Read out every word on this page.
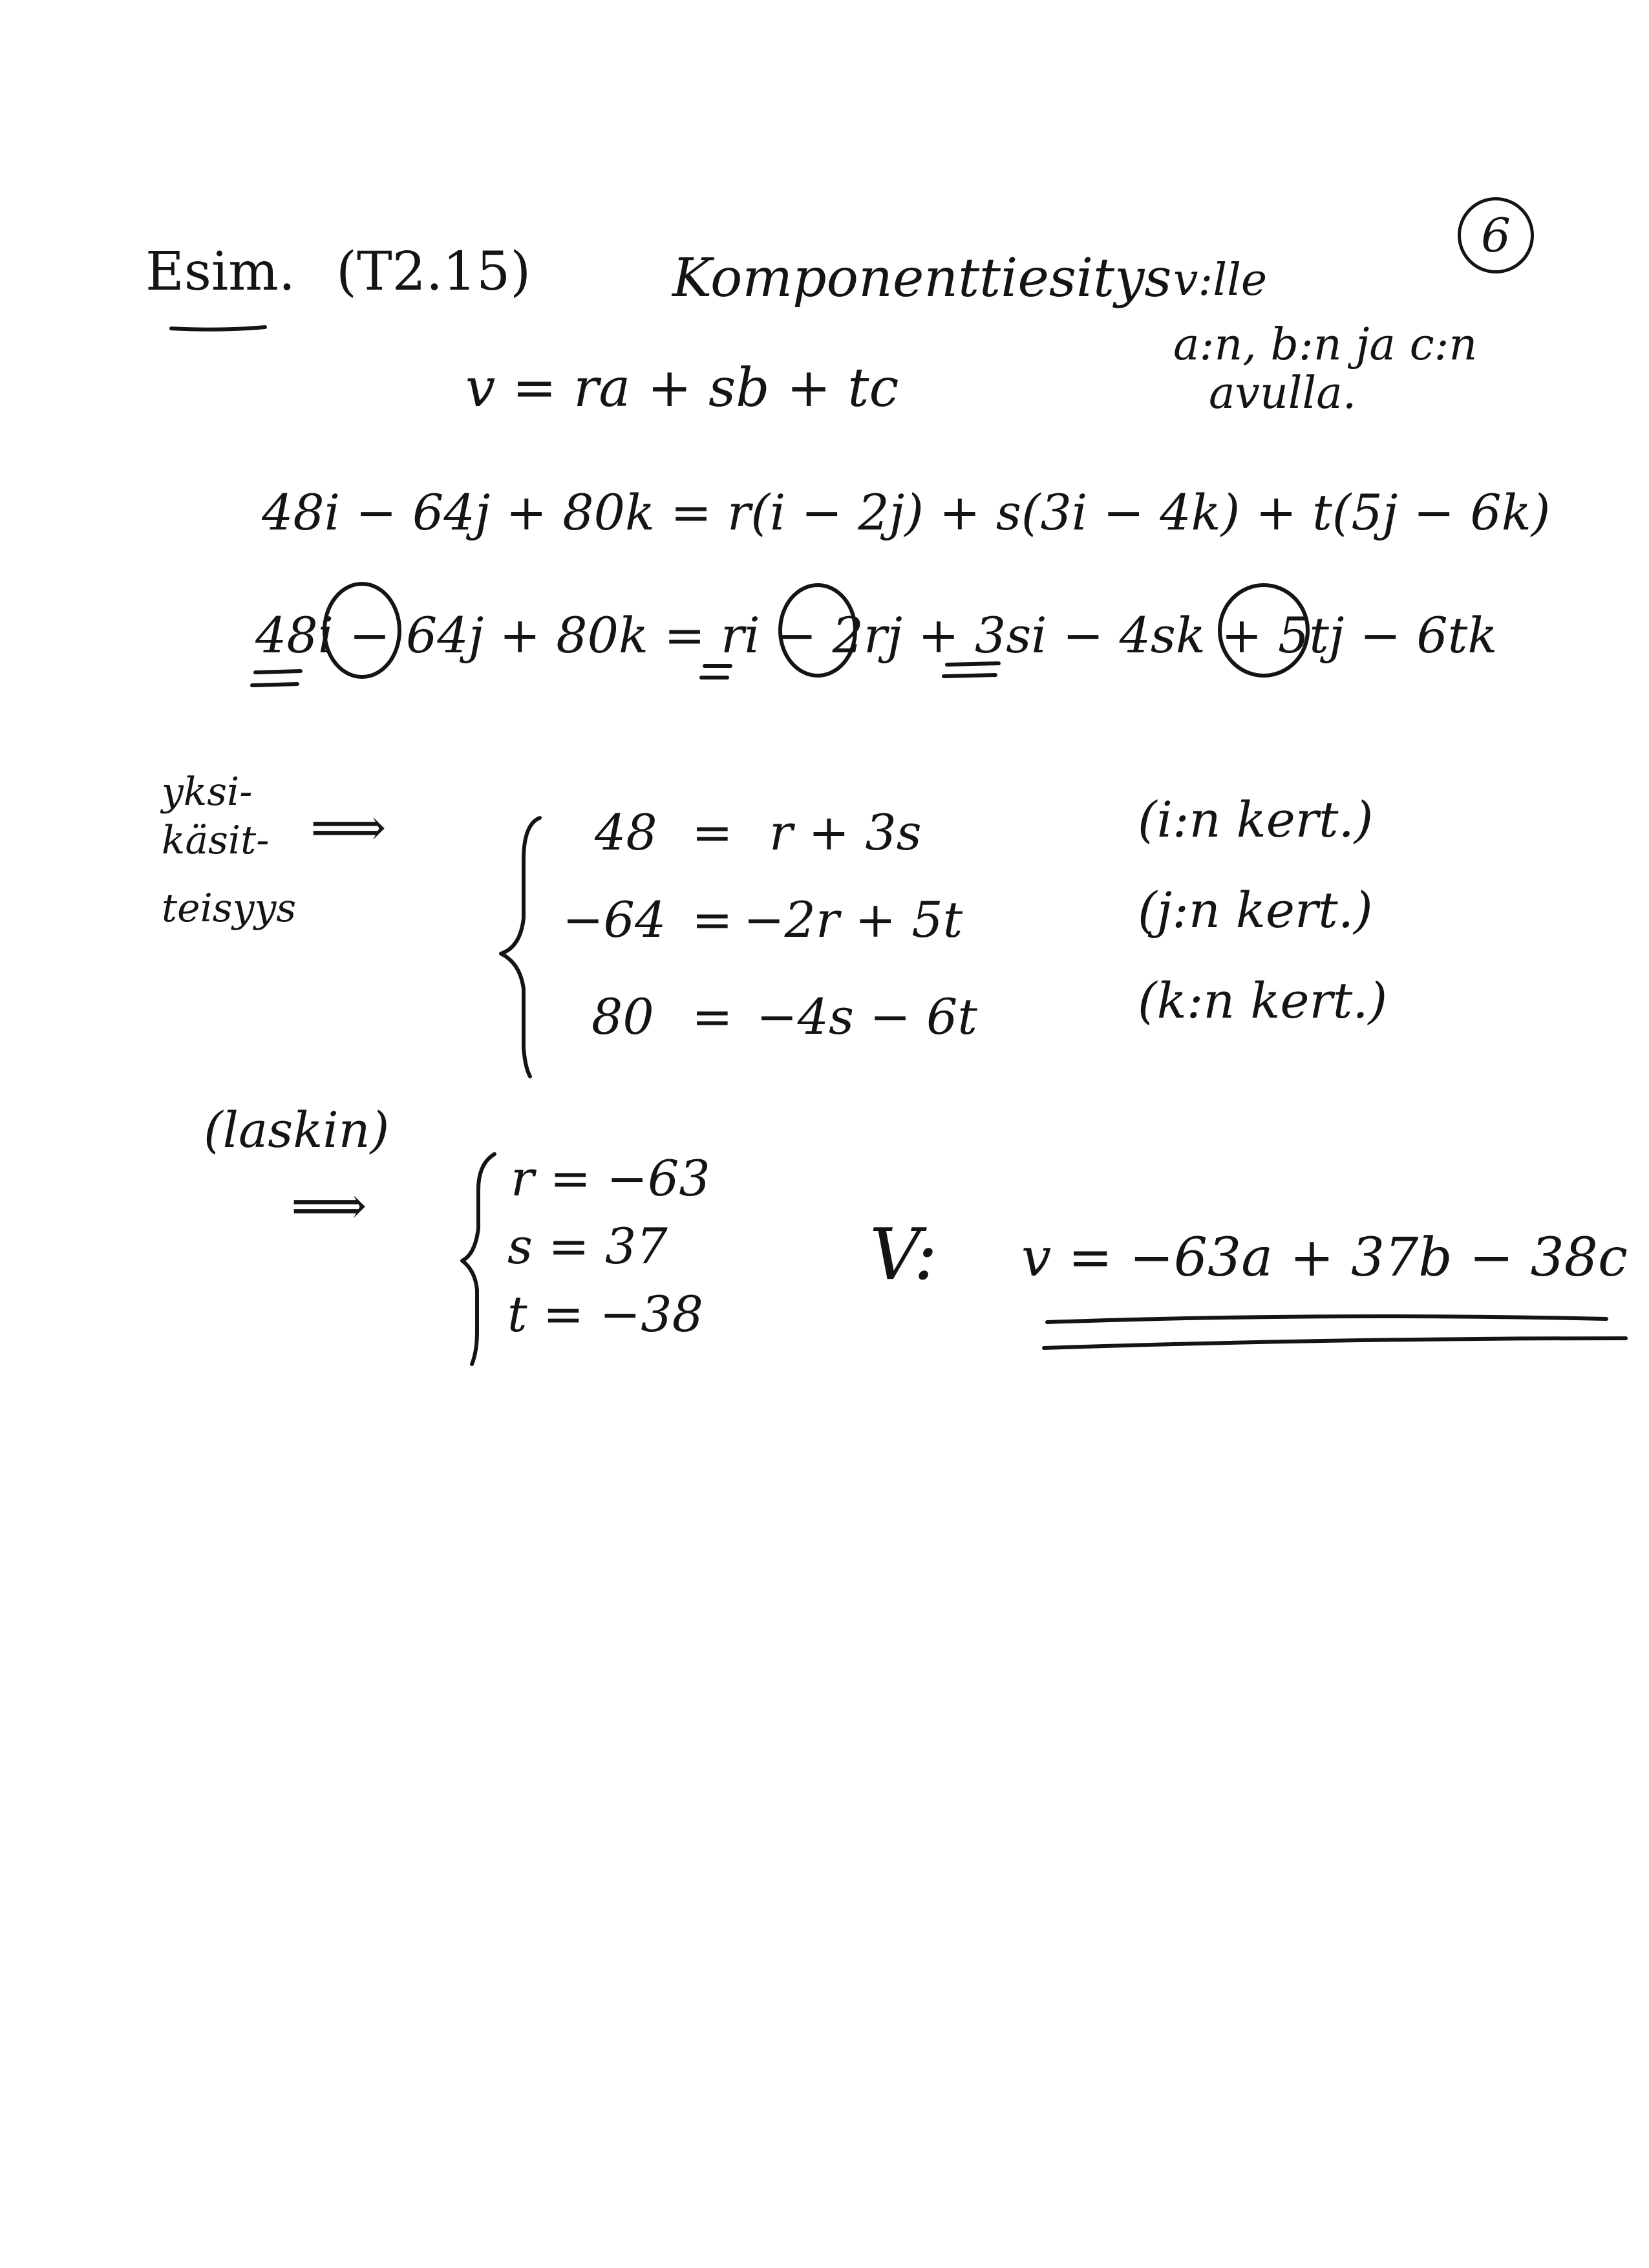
Esim. (T2.15)	Komponenttiesitys
6
v:lle
a:n, b:n ja c:n
avulla.
v = ra + sb + tc
48i − 64j + 80k = r(i − 2j) + s(3i − 4k) + t(5j − 6k)
48i − 64j + 80k = ri − 2rj + 3si − 4sk + 5tj − 6tk
yksi-
käsit-
teisyys
⟹	48 = r + 3s	(i:n kert.)
−64 = −2r + 5t	(j:n kert.)
80 = −4s − 6t	(k:n kert.)
(laskin)
⟹	r = −63
s = 37
t = −38
V: v = −63a + 37b − 38c
